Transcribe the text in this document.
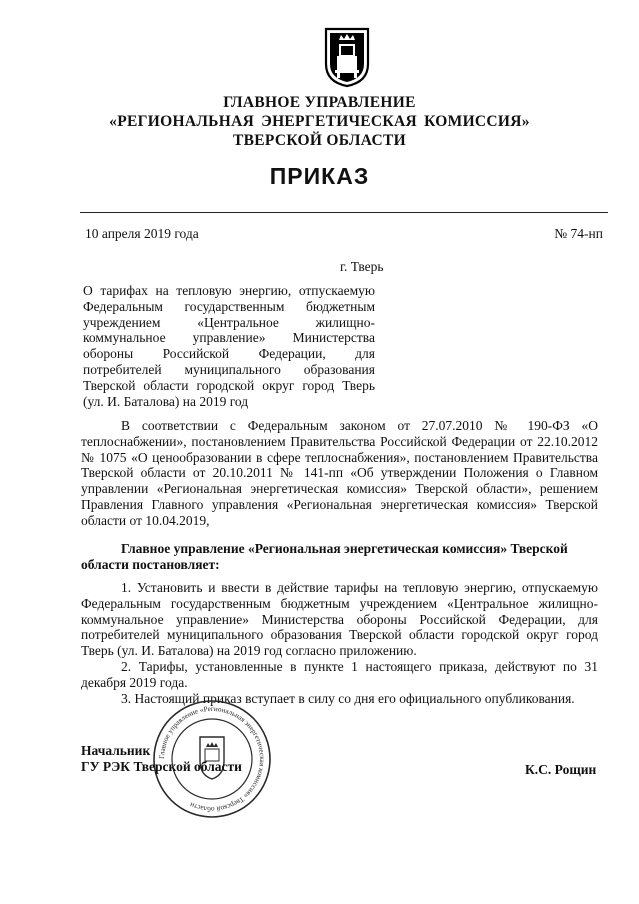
ГЛАВНОЕ УПРАВЛЕНИЕ
«РЕГИОНАЛЬНАЯ ЭНЕРГЕТИЧЕСКАЯ КОМИССИЯ»
ТВЕРСКОЙ ОБЛАСТИ
ПРИКАЗ
10 апреля 2019 года	№ 74-нп
г. Тверь
О тарифах на тепловую энергию, отпускаемую
Федеральным государственным бюджетным
учреждением «Центральное жилищно-
коммунальное управление» Министерства
обороны Российской Федерации, для
потребителей муниципального образования
Тверской области городской округ город Тверь
(ул. И. Баталова) на 2019 год
В соответствии с Федеральным законом от 27.07.2010 № 190-ФЗ «О теплоснабжении», постановлением Правительства Российской Федерации от 22.10.2012 № 1075 «О ценообразовании в сфере теплоснабжения», постановлением Правительства Тверской области от 20.10.2011 № 141-пп «Об утверждении Положения о Главном управлении «Региональная энергетическая комиссия» Тверской области», решением Правления Главного управления «Региональная энергетическая комиссия» Тверской области от 10.04.2019,
Главное управление «Региональная энергетическая комиссия» Тверской области постановляет:

1. Установить и ввести в действие тарифы на тепловую энергию, отпускаемую Федеральным государственным бюджетным учреждением «Центральное жилищно-коммунальное управление» Министерства обороны Российской Федерации, для потребителей муниципального образования Тверской области городской округ город Тверь (ул. И. Баталова) на 2019 год согласно приложению.

2. Тарифы, установленные в пункте 1 настоящего приказа, действуют по 31 декабря 2019 года.

3. Настоящий приказ вступает в силу со дня его официального опубликования.

Главное управление «Региональная энергетическая комиссия» Тверской области
Начальник
ГУ РЭК Тверской области	К.С. Рощин
